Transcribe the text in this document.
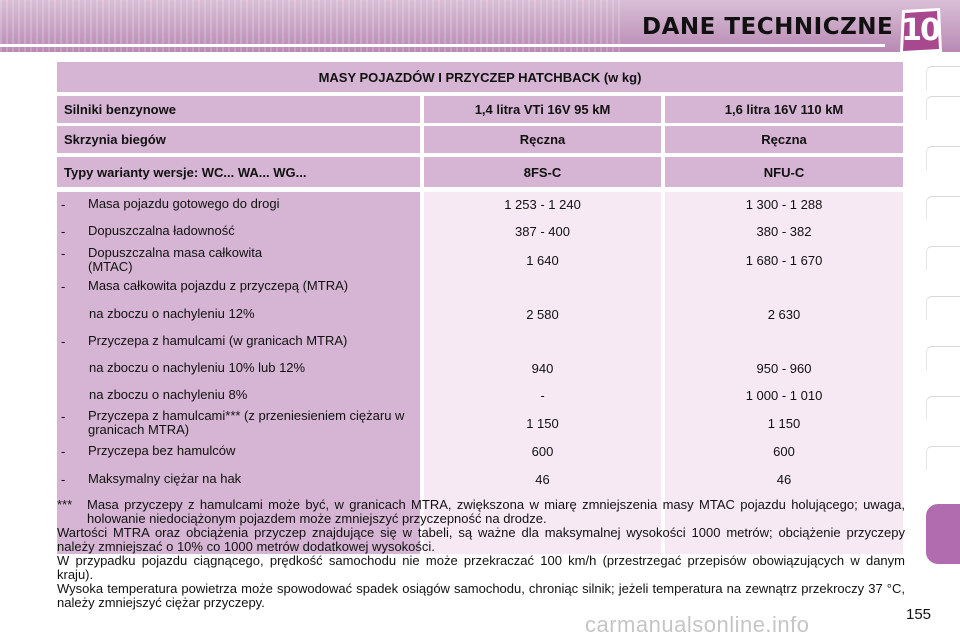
DANE TECHNICZNE 10
MASY POJAZDÓW I PRZYCZEP HATCHBACK (w kg)
Silniki benzynowe	1,4 litra VTi 16V 95 kM	1,6 litra 16V 110 kM
Skrzynia biegów	Ręczna	Ręczna
Typy warianty wersje: WC... WA... WG...	8FS-C	NFU-C
- Masa pojazdu gotowego do drogi	1 253 - 1 240	1 300 - 1 288
- Dopuszczalna ładowność	387 - 400	380 - 382
- Dopuszczalna masa całkowita (MTAC)	1 640	1 680 - 1 670
- Masa całkowita pojazdu z przyczepą (MTRA)
na zboczu o nachyleniu 12%	2 580	2 630
- Przyczepa z hamulcami (w granicach MTRA)
na zboczu o nachyleniu 10% lub 12%	940	950 - 960
na zboczu o nachyleniu 8%	-	1 000 - 1 010
- Przyczepa z hamulcami*** (z przeniesieniem ciężaru w granicach MTRA)	1 150	1 150
- Przyczepa bez hamulców	600	600
- Maksymalny ciężar na hak	46	46
*** Masa przyczepy z hamulcami może być, w granicach MTRA, zwiększona w miarę zmniejszenia masy MTAC pojazdu holującego; uwaga, holowanie niedociążonym pojazdem może zmniejszyć przyczepność na drodze.
Wartości MTRA oraz obciążenia przyczep znajdujące się w tabeli, są ważne dla maksymalnej wysokości 1000 metrów; obciążenie przyczepy należy zmniejszać o 10% co 1000 metrów dodatkowej wysokości.
W przypadku pojazdu ciągnącego, prędkość samochodu nie może przekraczać 100 km/h (przestrzegać przepisów obowiązujących w danym kraju).
Wysoka temperatura powietrza może spowodować spadek osiągów samochodu, chroniąc silnik; jeżeli temperatura na zewnątrz przekroczy 37 °C, należy zmniejszyć ciężar przyczepy.
155
carmanualsonline.info
